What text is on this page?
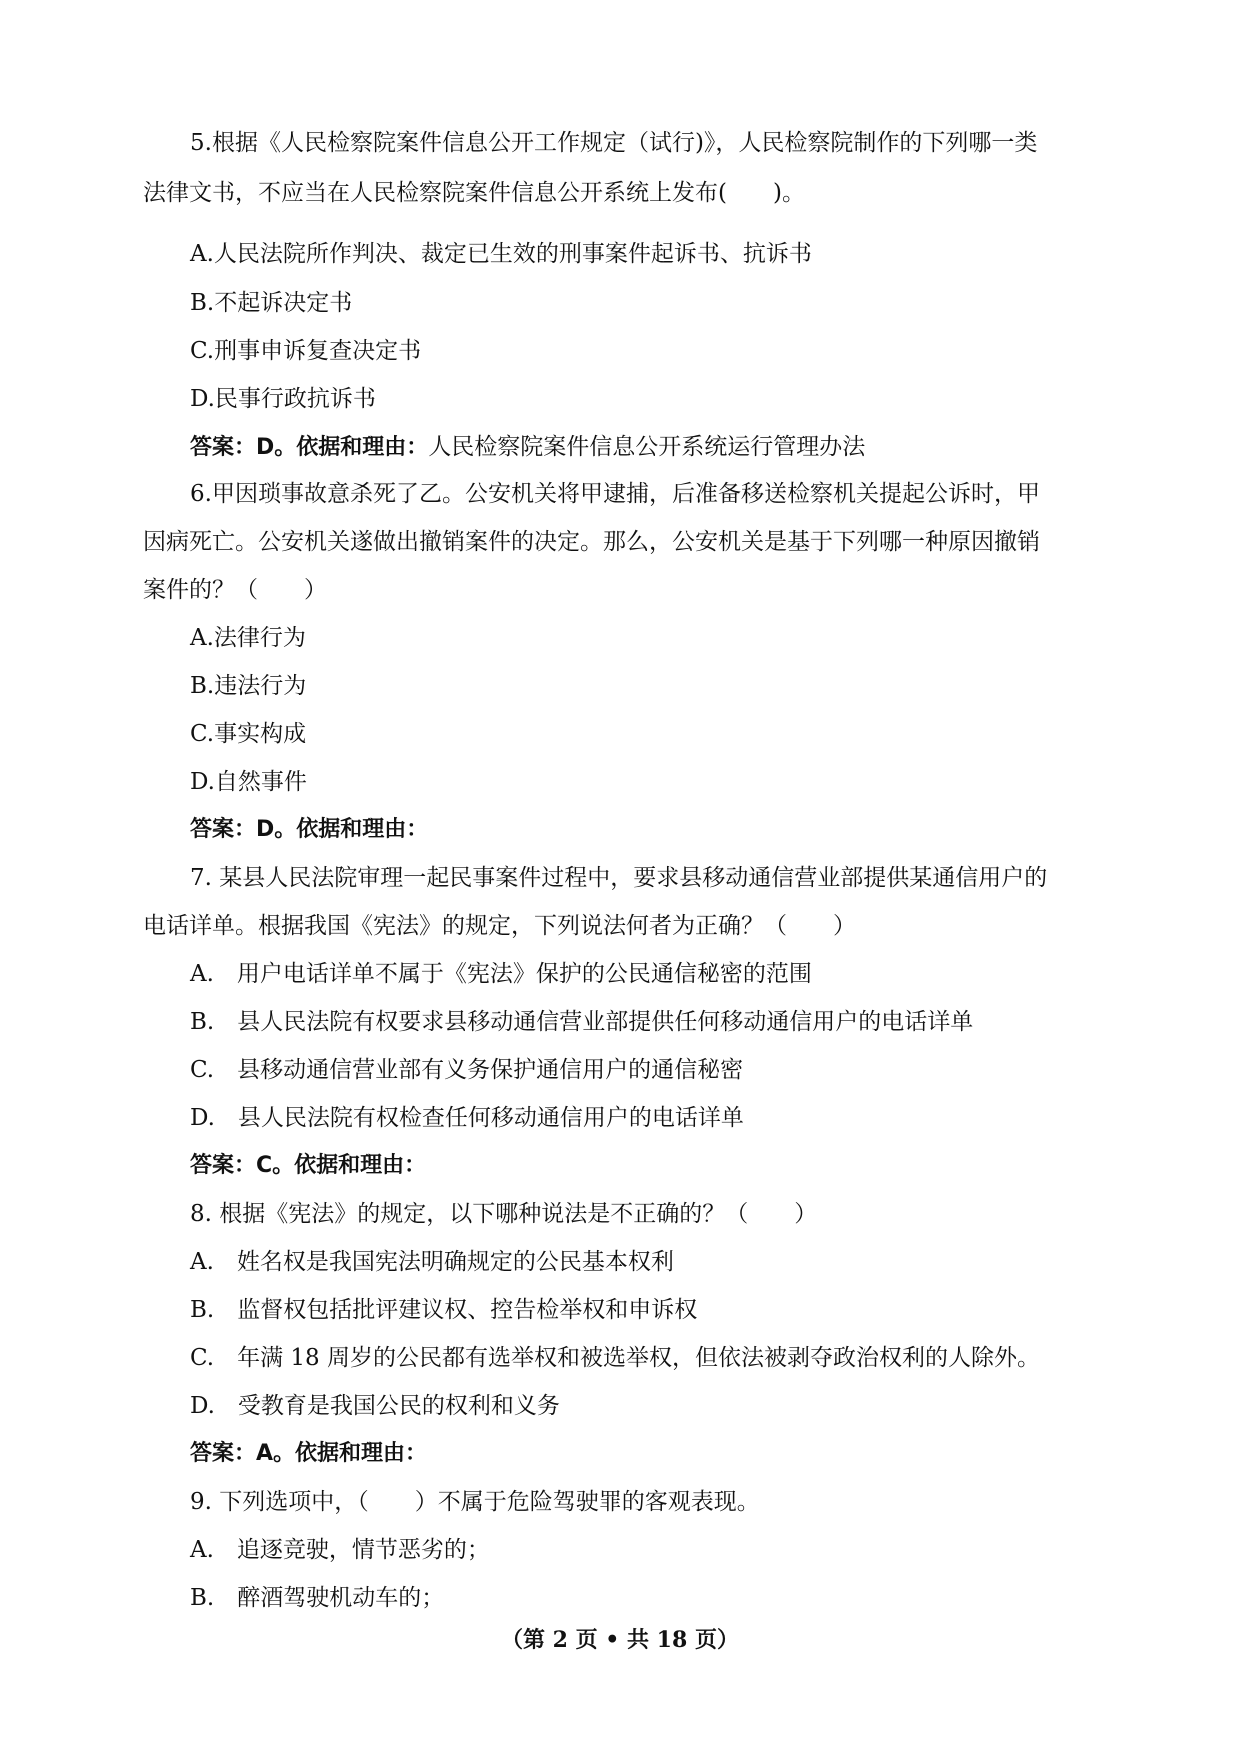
5.根据《人民检察院案件信息公开工作规定（试行)》，人民检察院制作的下列哪一类

法律文书，不应当在人民检察院案件信息公开系统上发布(　　)。

A.人民法院所作判决、裁定已生效的刑事案件起诉书、抗诉书

B.不起诉决定书

C.刑事申诉复查决定书

D.民事行政抗诉书

答案：D。依据和理由：人民检察院案件信息公开系统运行管理办法

6.甲因琐事故意杀死了乙。公安机关将甲逮捕，后准备移送检察机关提起公诉时，甲

因病死亡。公安机关遂做出撤销案件的决定。那么，公安机关是基于下列哪一种原因撤销

案件的？（　　）

A.法律行为

B.违法行为

C.事实构成

D.自然事件

答案：D。依据和理由：

7. 某县人民法院审理一起民事案件过程中，要求县移动通信营业部提供某通信用户的

电话详单。根据我国《宪法》的规定，下列说法何者为正确？（　　）

A.　用户电话详单不属于《宪法》保护的公民通信秘密的范围

B.　县人民法院有权要求县移动通信营业部提供任何移动通信用户的电话详单

C.　县移动通信营业部有义务保护通信用户的通信秘密

D.　县人民法院有权检查任何移动通信用户的电话详单

答案：C。依据和理由：

8. 根据《宪法》的规定，以下哪种说法是不正确的？（　　）

A.　姓名权是我国宪法明确规定的公民基本权利

B.　监督权包括批评建议权、控告检举权和申诉权

C.　年满 18 周岁的公民都有选举权和被选举权，但依法被剥夺政治权利的人除外。

D.　受教育是我国公民的权利和义务

答案：A。依据和理由：

9. 下列选项中，（　　）不属于危险驾驶罪的客观表现。

A.　追逐竞驶，情节恶劣的；

B.　醉酒驾驶机动车的；

（第 2 页 • 共 18 页）
